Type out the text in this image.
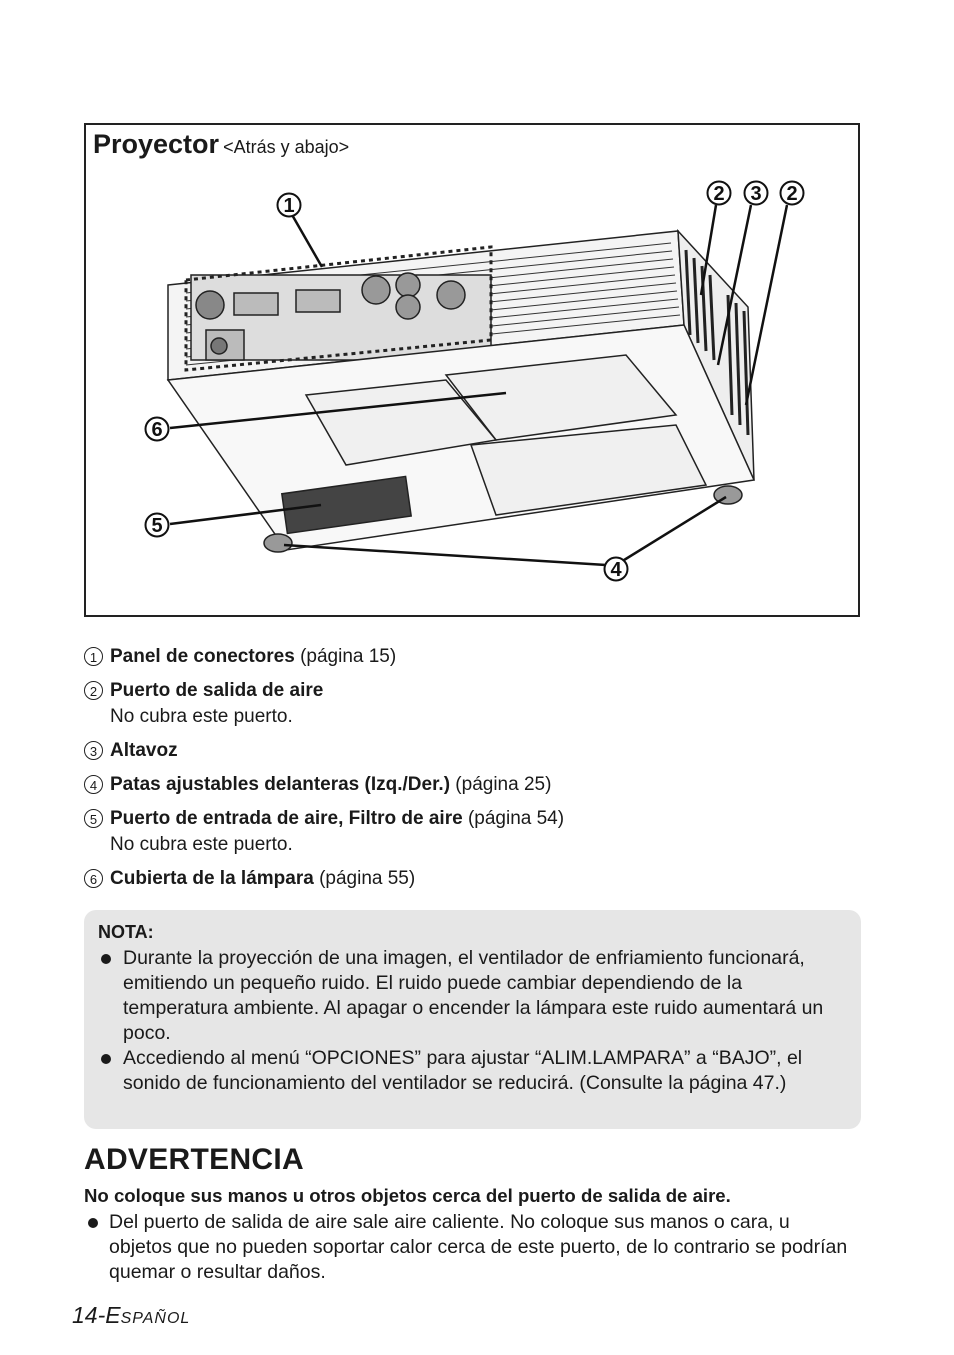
1
2 3 2
6
5
4
Proyector <Atrás y abajo>
1 Panel de conectores (página 15)
2 Puerto de salida de aire
No cubra este puerto.
3 Altavoz
4 Patas ajustables delanteras (Izq./Der.) (página 25)
5 Puerto de entrada de aire, Filtro de aire (página 54)
No cubra este puerto.
6 Cubierta de la lámpara (página 55)
NOTA:
Durante la proyección de una imagen, el ventilador de enfriamiento funcionará, emitiendo un pequeño ruido. El ruido puede cambiar dependiendo de la temperatura ambiente. Al apagar o encender la lámpara este ruido aumentará un poco.
Accediendo al menú “OPCIONES” para ajustar “ALIM.LAMPARA” a “BAJO”, el sonido de funcionamiento del ventilador se reducirá. (Consulte la página 47.)
ADVERTENCIA
No coloque sus manos u otros objetos cerca del puerto de salida de aire.
Del puerto de salida de aire sale aire caliente. No coloque sus manos o cara, u objetos que no pueden soportar calor cerca de este puerto, de lo contrario se podrían quemar o resultar daños.
14-ESPAÑOL
